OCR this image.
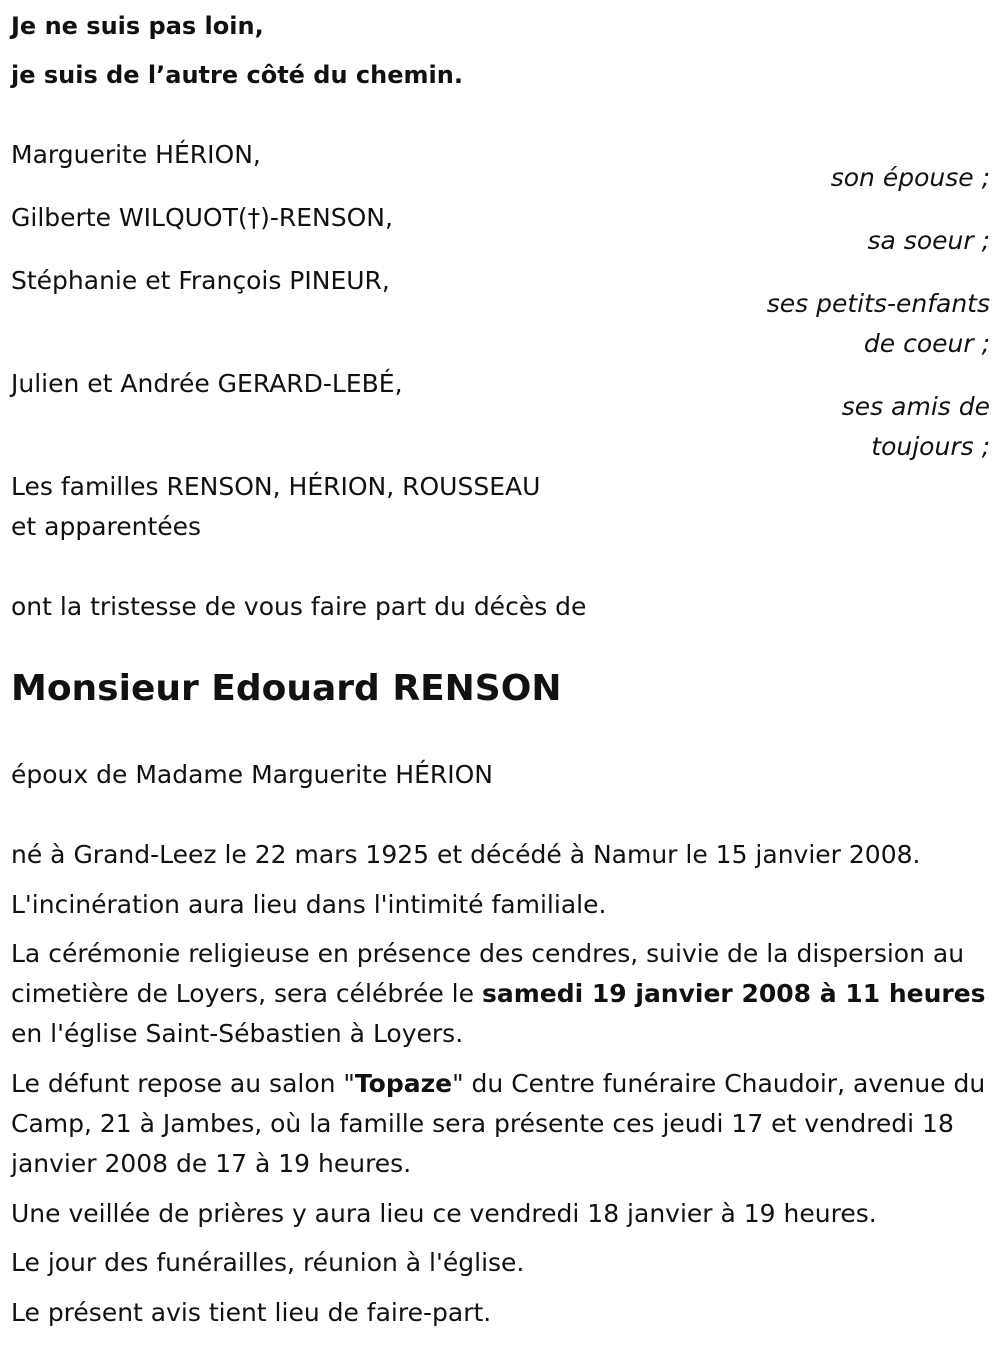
Je ne suis pas loin,
je suis de l’autre côté du chemin.
Marguerite HÉRION,
son épouse ;
Gilberte WILQUOT(†)-RENSON,
sa soeur ;
Stéphanie et François PINEUR,
ses petits-enfants
de coeur ;
Julien et Andrée GERARD-LEBÉ,
ses amis de
toujours ;
Les familles RENSON, HÉRION, ROUSSEAU
et apparentées
ont la tristesse de vous faire part du décès de
Monsieur Edouard RENSON
époux de Madame Marguerite HÉRION
né à Grand-Leez le 22 mars 1925 et décédé à Namur le 15 janvier 2008.
L'incinération aura lieu dans l'intimité familiale.
La cérémonie religieuse en présence des cendres, suivie de la dispersion au cimetière de Loyers, sera célébrée le samedi 19 janvier 2008 à 11 heures en l'église Saint-Sébastien à Loyers.
Le défunt repose au salon "Topaze" du Centre funéraire Chaudoir, avenue du Camp, 21 à Jambes, où la famille sera présente ces jeudi 17 et vendredi 18 janvier 2008 de 17 à 19 heures.
Une veillée de prières y aura lieu ce vendredi 18 janvier à 19 heures.
Le jour des funérailles, réunion à l'église.
Le présent avis tient lieu de faire-part.
